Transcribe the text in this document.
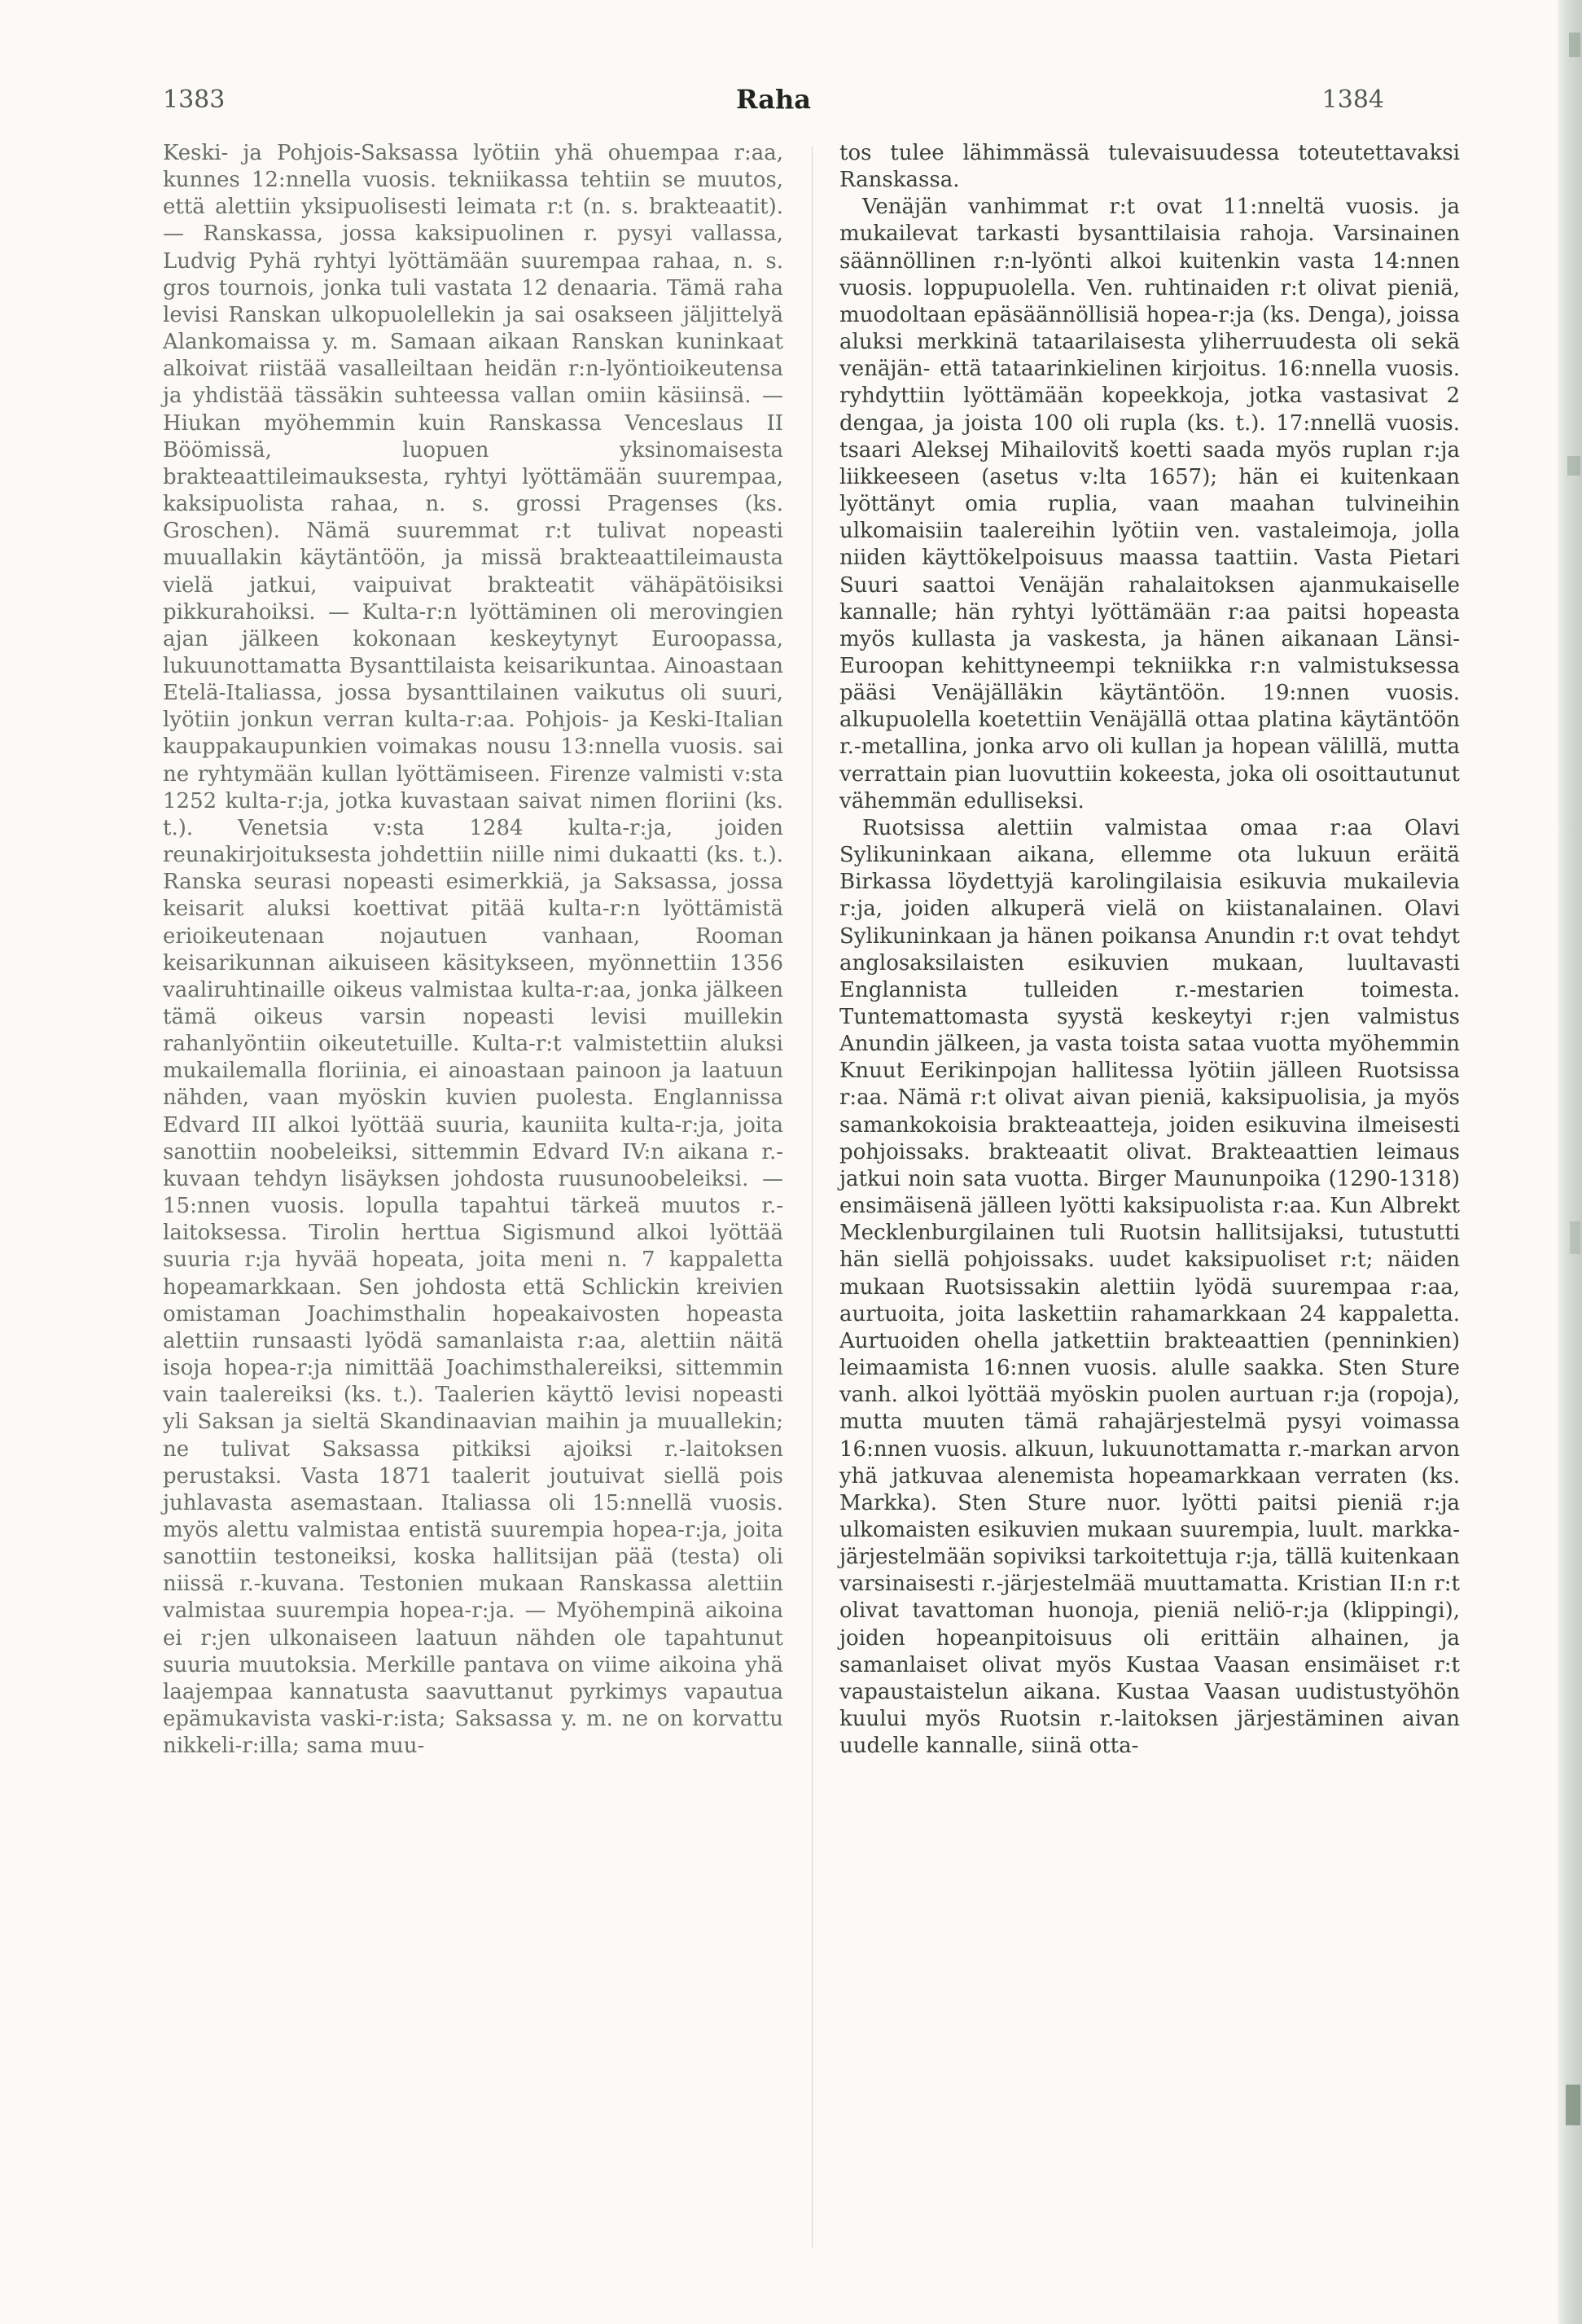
1383	Raha	1384

Keski- ja Pohjois-Saksassa lyötiin yhä ohuempaa r:aa, kunnes 12:nnella vuosis. tekniikassa tehtiin se muutos, että alettiin yksipuolisesti leimata r:t (n. s. brakteaatit). — Ranskassa, jossa kaksipuolinen r. pysyi vallassa, Ludvig Pyhä ryhtyi lyöttämään suurempaa rahaa, n. s. gros tournois, jonka tuli vastata 12 denaaria. Tämä raha levisi Ranskan ulkopuolellekin ja sai osakseen jäljittelyä Alankomaissa y. m. Samaan aikaan Ranskan kuninkaat alkoivat riistää vasalleiltaan heidän r:n-lyöntioikeutensa ja yhdistää tässäkin suhteessa vallan omiin käsiinsä. — Hiukan myöhemmin kuin Ranskassa Venceslaus II Böömissä, luopuen yksinomaisesta brakteaattileimauksesta, ryhtyi lyöttämään suurempaa, kaksipuolista rahaa, n. s. grossi Pragenses (ks. Groschen). Nämä suuremmat r:t tulivat nopeasti muuallakin käytäntöön, ja missä brakteaattileimausta vielä jatkui, vaipuivat brakteatit vähäpätöisiksi pikkurahoiksi. — Kulta-r:n lyöttäminen oli merovingien ajan jälkeen kokonaan keskeytynyt Euroopassa, lukuunottamatta Bysanttilaista keisarikuntaa. Ainoastaan Etelä-Italiassa, jossa bysanttilainen vaikutus oli suuri, lyötiin jonkun verran kulta-r:aa. Pohjois- ja Keski-Italian kauppakaupunkien voimakas nousu 13:nnella vuosis. sai ne ryhtymään kullan lyöttämiseen. Firenze valmisti v:sta 1252 kulta-r:ja, jotka kuvastaan saivat nimen floriini (ks. t.). Venetsia v:sta 1284 kulta-r:ja, joiden reunakirjoituksesta johdettiin niille nimi dukaatti (ks. t.). Ranska seurasi nopeasti esimerkkiä, ja Saksassa, jossa keisarit aluksi koettivat pitää kulta-r:n lyöttämistä erioikeutenaan nojautuen vanhaan, Rooman keisarikunnan aikuiseen käsitykseen, myönnettiin 1356 vaaliruhtinaille oikeus valmistaa kulta-r:aa, jonka jälkeen tämä oikeus varsin nopeasti levisi muillekin rahanlyöntiin oikeutetuille. Kulta-r:t valmistettiin aluksi mukailemalla floriinia, ei ainoastaan painoon ja laatuun nähden, vaan myöskin kuvien puolesta. Englannissa Edvard III alkoi lyöttää suuria, kauniita kulta-r:ja, joita sanottiin noobeleiksi, sittemmin Edvard IV:n aikana r.-kuvaan tehdyn lisäyksen johdosta ruusunoobeleiksi. — 15:nnen vuosis. lopulla tapahtui tärkeä muutos r.-laitoksessa. Tirolin herttua Sigismund alkoi lyöttää suuria r:ja hyvää hopeata, joita meni n. 7 kappaletta hopeamarkkaan. Sen johdosta että Schlickin kreivien omistaman Joachimsthalin hopeakaivosten hopeasta alettiin runsaasti lyödä samanlaista r:aa, alettiin näitä isoja hopea-r:ja nimittää Joachimsthalereiksi, sittemmin vain taalereiksi (ks. t.). Taalerien käyttö levisi nopeasti yli Saksan ja sieltä Skandinaavian maihin ja muuallekin; ne tulivat Saksassa pitkiksi ajoiksi r.-laitoksen perustaksi. Vasta 1871 taalerit joutuivat siellä pois juhlavasta asemastaan. Italiassa oli 15:nnellä vuosis. myös alettu valmistaa entistä suurempia hopea-r:ja, joita sanottiin testoneiksi, koska hallitsijan pää (testa) oli niissä r.-kuvana. Testonien mukaan Ranskassa alettiin valmistaa suurempia hopea-r:ja. — Myöhempinä aikoina ei r:jen ulkonaiseen laatuun nähden ole tapahtunut suuria muutoksia. Merkille pantava on viime aikoina yhä laajempaa kannatusta saavuttanut pyrkimys vapautua epämukavista vaski-r:ista; Saksassa y. m. ne on korvattu nikkeli-r:illa; sama muu-

tos tulee lähimmässä tulevaisuudessa toteutettavaksi Ranskassa.

Venäjän vanhimmat r:t ovat 11:nneltä vuosis. ja mukailevat tarkasti bysanttilaisia rahoja. Varsinainen säännöllinen r:n-lyönti alkoi kuitenkin vasta 14:nnen vuosis. loppupuolella. Ven. ruhtinaiden r:t olivat pieniä, muodoltaan epäsäännöllisiä hopea-r:ja (ks. Denga), joissa aluksi merkkinä tataarilaisesta yliherruudesta oli sekä venäjän- että tataarinkielinen kirjoitus. 16:nnella vuosis. ryhdyttiin lyöttämään kopeekkoja, jotka vastasivat 2 dengaa, ja joista 100 oli rupla (ks. t.). 17:nnellä vuosis. tsaari Aleksej Mihailovitš koetti saada myös ruplan r:ja liikkeeseen (asetus v:lta 1657); hän ei kuitenkaan lyöttänyt omia ruplia, vaan maahan tulvineihin ulkomaisiin taalereihin lyötiin ven. vastaleimoja, jolla niiden käyttökelpoisuus maassa taattiin. Vasta Pietari Suuri saattoi Venäjän rahalaitoksen ajanmukaiselle kannalle; hän ryhtyi lyöttämään r:aa paitsi hopeasta myös kullasta ja vaskesta, ja hänen aikanaan Länsi-Euroopan kehittyneempi tekniikka r:n valmistuksessa pääsi Venäjälläkin käytäntöön. 19:nnen vuosis. alkupuolella koetettiin Venäjällä ottaa platina käytäntöön r.-metallina, jonka arvo oli kullan ja hopean välillä, mutta verrattain pian luovuttiin kokeesta, joka oli osoittautunut vähemmän edulliseksi.

Ruotsissa alettiin valmistaa omaa r:aa Olavi Sylikuninkaan aikana, ellemme ota lukuun eräitä Birkassa löydettyjä karolingilaisia esikuvia mukailevia r:ja, joiden alkuperä vielä on kiistanalainen. Olavi Sylikuninkaan ja hänen poikansa Anundin r:t ovat tehdyt anglosaksilaisten esikuvien mukaan, luultavasti Englannista tulleiden r.-mestarien toimesta. Tuntemattomasta syystä keskeytyi r:jen valmistus Anundin jälkeen, ja vasta toista sataa vuotta myöhemmin Knuut Eerikinpojan hallitessa lyötiin jälleen Ruotsissa r:aa. Nämä r:t olivat aivan pieniä, kaksipuolisia, ja myös samankokoisia brakteaatteja, joiden esikuvina ilmeisesti pohjoissaks. brakteaatit olivat. Brakteaattien leimaus jatkui noin sata vuotta. Birger Maununpoika (1290-1318) ensimäisenä jälleen lyötti kaksipuolista r:aa. Kun Albrekt Mecklenburgilainen tuli Ruotsin hallitsijaksi, tutustutti hän siellä pohjoissaks. uudet kaksipuoliset r:t; näiden mukaan Ruotsissakin alettiin lyödä suurempaa r:aa, aurtuoita, joita laskettiin rahamarkkaan 24 kappaletta. Aurtuoiden ohella jatkettiin brakteaattien (penninkien) leimaamista 16:nnen vuosis. alulle saakka. Sten Sture vanh. alkoi lyöttää myöskin puolen aurtuan r:ja (ropoja), mutta muuten tämä rahajärjestelmä pysyi voimassa 16:nnen vuosis. alkuun, lukuunottamatta r.-markan arvon yhä jatkuvaa alenemista hopeamarkkaan verraten (ks. Markka). Sten Sture nuor. lyötti paitsi pieniä r:ja ulkomaisten esikuvien mukaan suurempia, luult. markka-järjestelmään sopiviksi tarkoitettuja r:ja, tällä kuitenkaan varsinaisesti r.-järjestelmää muuttamatta. Kristian II:n r:t olivat tavattoman huonoja, pieniä neliö-r:ja (klippingi), joiden hopeanpitoisuus oli erittäin alhainen, ja samanlaiset olivat myös Kustaa Vaasan ensimäiset r:t vapaustaistelun aikana. Kustaa Vaasan uudistustyöhön kuului myös Ruotsin r.-laitoksen järjestäminen aivan uudelle kannalle, siinä otta-
